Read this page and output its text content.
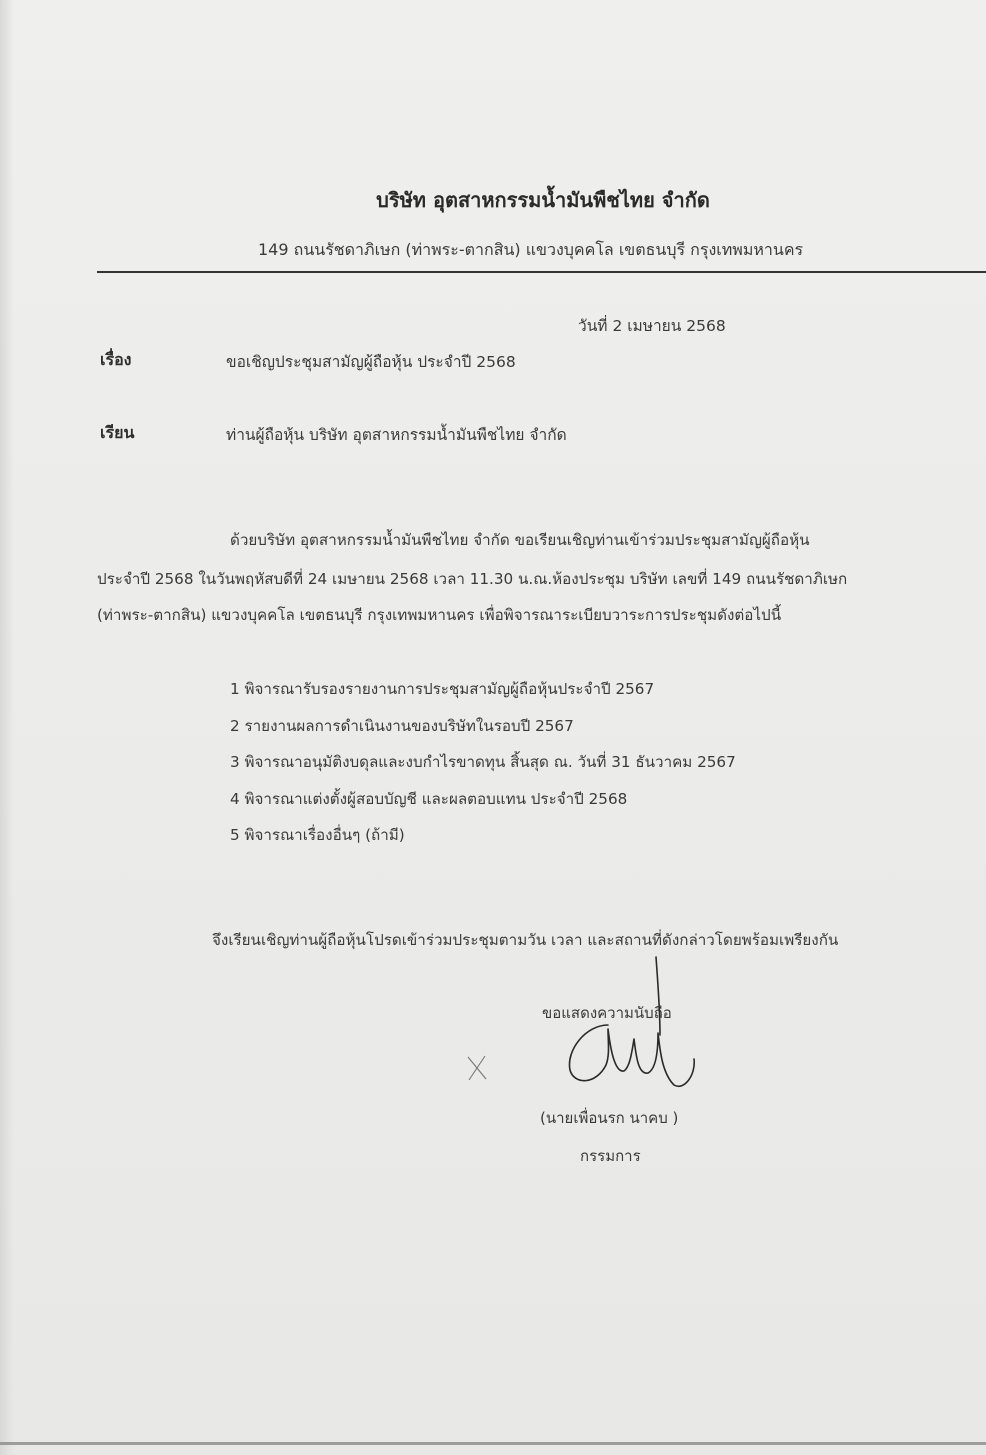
บริษัท อุตสาหกรรมน้ำมันพืชไทย จำกัด
149 ถนนรัชดาภิเษก (ท่าพระ-ตากสิน) แขวงบุคคโล เขตธนบุรี กรุงเทพมหานคร
วันที่ 2 เมษายน 2568
เรื่อง	ขอเชิญประชุมสามัญผู้ถือหุ้น ประจำปี 2568
เรียน	ท่านผู้ถือหุ้น บริษัท อุตสาหกรรมน้ำมันพืชไทย จำกัด
ด้วยบริษัท อุตสาหกรรมน้ำมันพืชไทย จำกัด ขอเรียนเชิญท่านเข้าร่วมประชุมสามัญผู้ถือหุ้น
ประจำปี 2568 ในวันพฤหัสบดีที่ 24 เมษายน 2568 เวลา 11.30 น.ณ.ห้องประชุม บริษัท เลขที่ 149 ถนนรัชดาภิเษก
(ท่าพระ-ตากสิน) แขวงบุคคโล เขตธนบุรี กรุงเทพมหานคร เพื่อพิจารณาระเบียบวาระการประชุมดังต่อไปนี้
1 พิจารณารับรองรายงานการประชุมสามัญผู้ถือหุ้นประจำปี 2567
2 รายงานผลการดำเนินงานของบริษัทในรอบปี 2567
3 พิจารณาอนุมัติงบดุลและงบกำไรขาดทุน สิ้นสุด ณ. วันที่ 31 ธันวาคม 2567
4 พิจารณาแต่งตั้งผู้สอบบัญชี และผลตอบแทน ประจำปี 2568
5 พิจารณาเรื่องอื่นๆ (ถ้ามี)
จึงเรียนเชิญท่านผู้ถือหุ้นโปรดเข้าร่วมประชุมตามวัน เวลา และสถานที่ดังกล่าวโดยพร้อมเพรียงกัน
ขอแสดงความนับถือ
(นายเพื่อนรก นาคบ )
กรรมการ
